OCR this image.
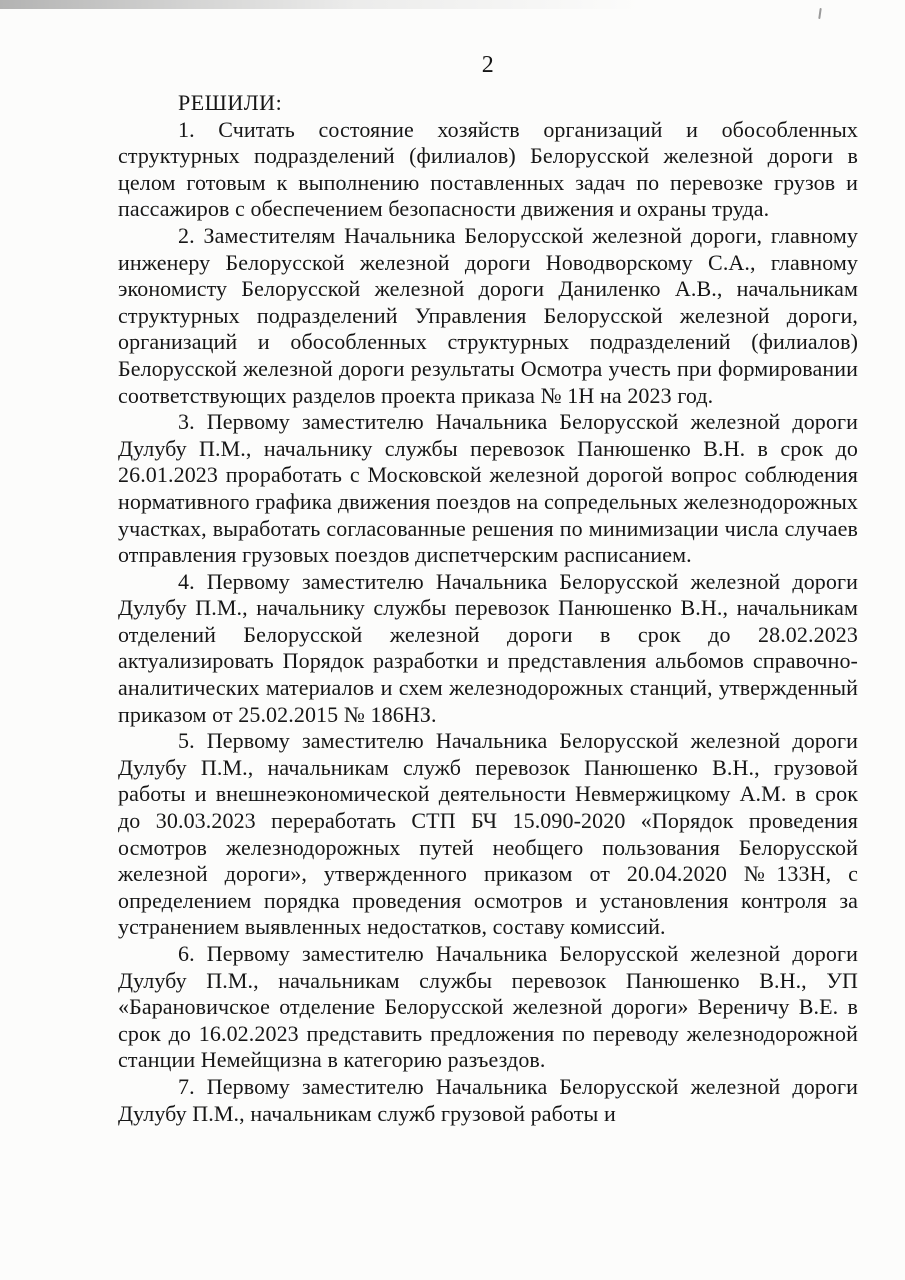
2
РЕШИЛИ:

1. Считать состояние хозяйств организаций и обособленных структурных подразделений (филиалов) Белорусской железной дороги в целом готовым к выполнению поставленных задач по перевозке грузов и пассажиров с обеспечением безопасности движения и охраны труда.

2. Заместителям Начальника Белорусской железной дороги, главному инженеру Белорусской железной дороги Новодворскому С.А., главному экономисту Белорусской железной дороги Даниленко А.В., начальникам структурных подразделений Управления Белорусской железной дороги, организаций и обособленных структурных подразделений (филиалов) Белорусской железной дороги результаты Осмотра учесть при формировании соответствующих разделов проекта приказа № 1Н на 2023 год.

3. Первому заместителю Начальника Белорусской железной дороги Дулубу П.М., начальнику службы перевозок Панюшенко В.Н. в срок до 26.01.2023 проработать с Московской железной дорогой вопрос соблюдения нормативного графика движения поездов на сопредельных железнодорожных участках, выработать согласованные решения по минимизации числа случаев отправления грузовых поездов диспетчерским расписанием.

4. Первому заместителю Начальника Белорусской железной дороги Дулубу П.М., начальнику службы перевозок Панюшенко В.Н., начальникам отделений Белорусской железной дороги в срок до 28.02.2023 актуализировать Порядок разработки и представления альбомов справочно-аналитических материалов и схем железнодорожных станций, утвержденный приказом от 25.02.2015 № 186НЗ.

5. Первому заместителю Начальника Белорусской железной дороги Дулубу П.М., начальникам служб перевозок Панюшенко В.Н., грузовой работы и внешнеэкономической деятельности Невмержицкому А.М. в срок до 30.03.2023 переработать СТП БЧ 15.090-2020 «Порядок проведения осмотров железнодорожных путей необщего пользования Белорусской железной дороги», утвержденного приказом от 20.04.2020 №133Н, с определением порядка проведения осмотров и установления контроля за устранением выявленных недостатков, составу комиссий.

6. Первому заместителю Начальника Белорусской железной дороги Дулубу П.М., начальникам службы перевозок Панюшенко В.Н., УП «Барановичское отделение Белорусской железной дороги» Вереничу В.Е. в срок до 16.02.2023 представить предложения по переводу железнодорожной станции Немейщизна в категорию разъездов.

7. Первому заместителю Начальника Белорусской железной дороги Дулубу П.М., начальникам служб грузовой работы и
